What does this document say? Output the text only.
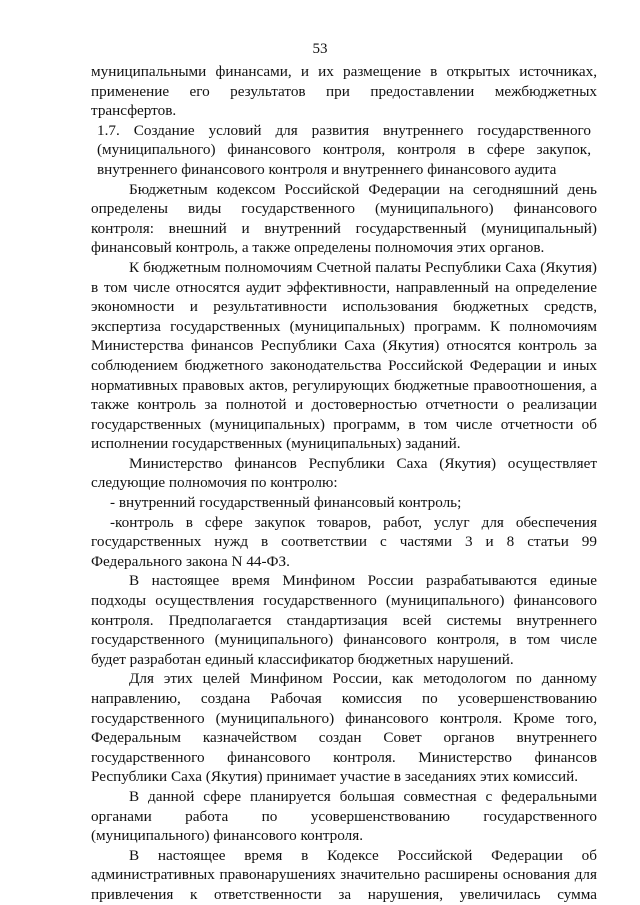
53

муниципальными финансами, и их размещение в открытых источниках, применение его результатов при предоставлении межбюджетных трансфертов.

1.7. Создание условий для развития внутреннего государственного (муниципального) финансового контроля, контроля в сфере закупок, внутреннего финансового контроля и внутреннего финансового аудита

Бюджетным кодексом Российской Федерации на сегодняшний день определены виды государственного (муниципального) финансового контроля: внешний и внутренний государственный (муниципальный) финансовый контроль, а также определены полномочия этих органов.

К бюджетным полномочиям Счетной палаты Республики Саха (Якутия) в том числе относятся аудит эффективности, направленный на определение экономности и результативности использования бюджетных средств, экспертиза государственных (муниципальных) программ. К полномочиям Министерства финансов Республики Саха (Якутия) относятся контроль за соблюдением бюджетного законодательства Российской Федерации и иных нормативных правовых актов, регулирующих бюджетные правоотношения, а также контроль за полнотой и достоверностью отчетности о реализации государственных (муниципальных) программ, в том числе отчетности об исполнении государственных (муниципальных) заданий.

Министерство финансов Республики Саха (Якутия) осуществляет следующие полномочия по контролю:

- внутренний государственный финансовый контроль;

-контроль в сфере закупок товаров, работ, услуг для обеспечения государственных нужд в соответствии с частями 3 и 8 статьи 99 Федерального закона N 44-ФЗ.

В настоящее время Минфином России разрабатываются единые подходы осуществления государственного (муниципального) финансового контроля. Предполагается стандартизация всей системы внутреннего государственного (муниципального) финансового контроля, в том числе будет разработан единый классификатор бюджетных нарушений.

Для этих целей Минфином России, как методологом по данному направлению, создана Рабочая комиссия по усовершенствованию государственного (муниципального) финансового контроля. Кроме того, Федеральным казначейством создан Совет органов внутреннего государственного финансового контроля. Министерство финансов Республики Саха (Якутия) принимает участие в заседаниях этих комиссий.

В данной сфере планируется большая совместная с федеральными органами работа по усовершенствованию государственного (муниципального) финансового контроля.

В настоящее время в Кодексе Российской Федерации об административных правонарушениях значительно расширены основания для привлечения к ответственности за нарушения, увеличилась сумма
